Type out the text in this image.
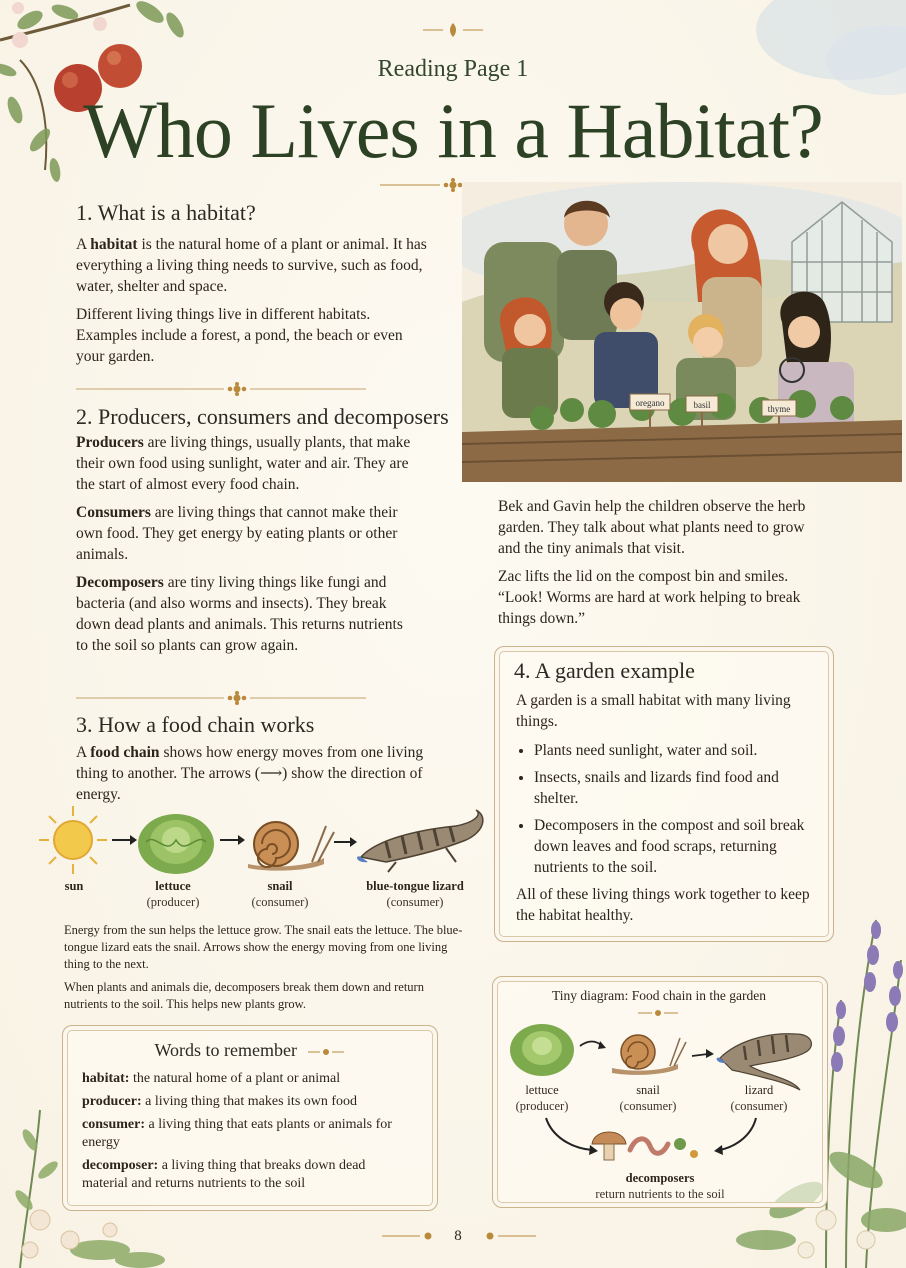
Reading Page 1
Who Lives in a Habitat?
1. What is a habitat?

A habitat is the natural home of a plant or animal. It has everything a living thing needs to survive, such as food, water, shelter and space.

Different living things live in different habitats. Examples include a forest, a pond, the beach or even your garden.

2. Producers, consumers and decomposers

Producers are living things, usually plants, that make their own food using sunlight, water and air. They are the start of almost every food chain.

Consumers are living things that cannot make their own food. They get energy by eating plants or other animals.

Decomposers are tiny living things like fungi and bacteria (and also worms and insects). They break down dead plants and animals. This returns nutrients to the soil so plants can grow again.

3. How a food chain works

A food chain shows how energy moves from one living thing to another. The arrows (⟶) show the direction of energy.

sun	lettuce
(producer)
snail
(consumer)
blue-tongue lizard
(consumer)

Energy from the sun helps the lettuce grow. The snail eats the lettuce. The blue-tongue lizard eats the snail. Arrows show the energy moving from one living thing to the next.

When plants and animals die, decomposers break them down and return nutrients to the soil. This helps new plants grow.

Words to remember
habitat: the natural home of a plant or animal
producer: a living thing that makes its own food
consumer: a living thing that eats plants or animals for energy
decomposer: a living thing that breaks down dead material and returns nutrients to the soil
oregano	basil	thyme

Bek and Gavin help the children observe the herb garden. They talk about what plants need to grow and the tiny animals that visit.

Zac lifts the lid on the compost bin and smiles. “Look! Worms are hard at work helping to break things down.”

4. A garden example
A garden is a small habitat with many living things.
• Plants need sunlight, water and soil.
• Insects, snails and lizards find food and shelter.
• Decomposers in the compost and soil break down leaves and food scraps, returning nutrients to the soil.
All of these living things work together to keep the habitat healthy.
Tiny diagram: Food chain in the garden
lettuce
(producer)
snail
(consumer)
lizard
(consumer)
decomposers
return nutrients to the soil
8
